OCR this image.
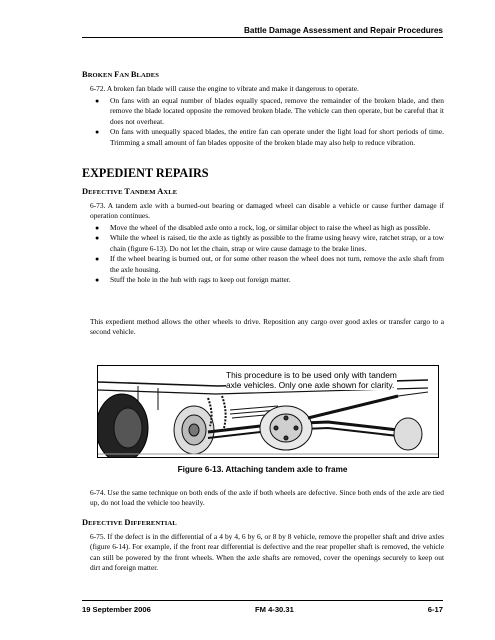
Battle Damage Assessment and Repair Procedures
BROKEN FAN BLADES

6-72. A broken fan blade will cause the engine to vibrate and make it dangerous to operate.

● On fans with an equal number of blades equally spaced, remove the remainder of the broken blade, and then remove the blade located opposite the removed broken blade. The vehicle can then operate, but be careful that it does not overheat.
● On fans with unequally spaced blades, the entire fan can operate under the light load for short periods of time. Trimming a small amount of fan blades opposite of the broken blade may also help to reduce vibration.
EXPEDIENT REPAIRS
DEFECTIVE TANDEM AXLE

6-73. A tandem axle with a burned-out bearing or damaged wheel can disable a vehicle or cause further damage if operation continues.

● Move the wheel of the disabled axle onto a rock, log, or similar object to raise the wheel as high as possible.
● While the wheel is raised, tie the axle as tightly as possible to the frame using heavy wire, ratchet strap, or a tow chain (figure 6-13). Do not let the chain, strap or wire cause damage to the brake lines.
● If the wheel bearing is burned out, or for some other reason the wheel does not turn, remove the axle shaft from the axle housing.
● Stuff the hole in the hub with rags to keep out foreign matter.

This expedient method allows the other wheels to drive. Reposition any cargo over good axles or transfer cargo to a second vehicle.

This procedure is to be used only with tandem
axle vehicles. Only one axle shown for clarity.
Figure 6-13. Attaching tandem axle to frame

6-74. Use the same technique on both ends of the axle if both wheels are defective. Since both ends of the axle are tied up, do not load the vehicle too heavily.

DEFECTIVE DIFFERENTIAL

6-75. If the defect is in the differential of a 4 by 4, 6 by 6, or 8 by 8 vehicle, remove the propeller shaft and drive axles (figure 6-14). For example, if the front rear differential is defective and the rear propeller shaft is removed, the vehicle can still be powered by the front wheels. When the axle shafts are removed, cover the openings securely to keep out dirt and foreign matter.

19 September 2006	FM 4-30.31	6-17
